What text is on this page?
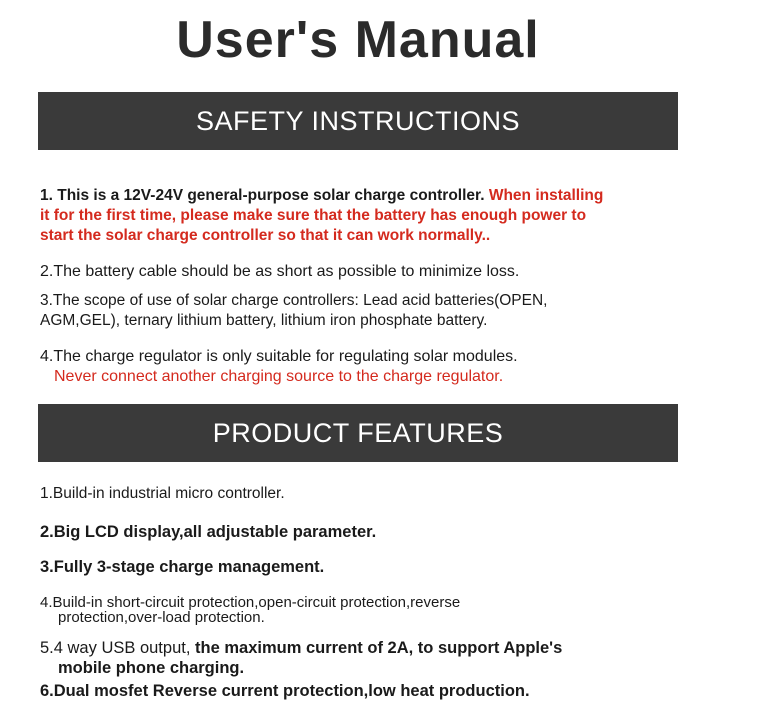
User's Manual
SAFETY INSTRUCTIONS
1. This is a 12V-24V general-purpose solar charge controller. When installing
it for the first time, please make sure that the battery has enough power to
start the solar charge controller so that it can work normally..
2.The battery cable should be as short as possible to minimize loss.
3.The scope of use of solar charge controllers: Lead acid batteries(OPEN,
AGM,GEL), ternary lithium battery, lithium iron phosphate battery.
4.The charge regulator is only suitable for regulating solar modules.
Never connect another charging source to the charge regulator.
PRODUCT FEATURES
1.Build-in industrial micro controller.
2.Big LCD display,all adjustable parameter.
3.Fully 3-stage charge management.
4.Build-in short-circuit protection,open-circuit protection,reverse
protection,over-load protection.
5.4 way USB output, the maximum current of 2A, to support Apple's
mobile phone charging.
6.Dual mosfet Reverse current protection,low heat production.
